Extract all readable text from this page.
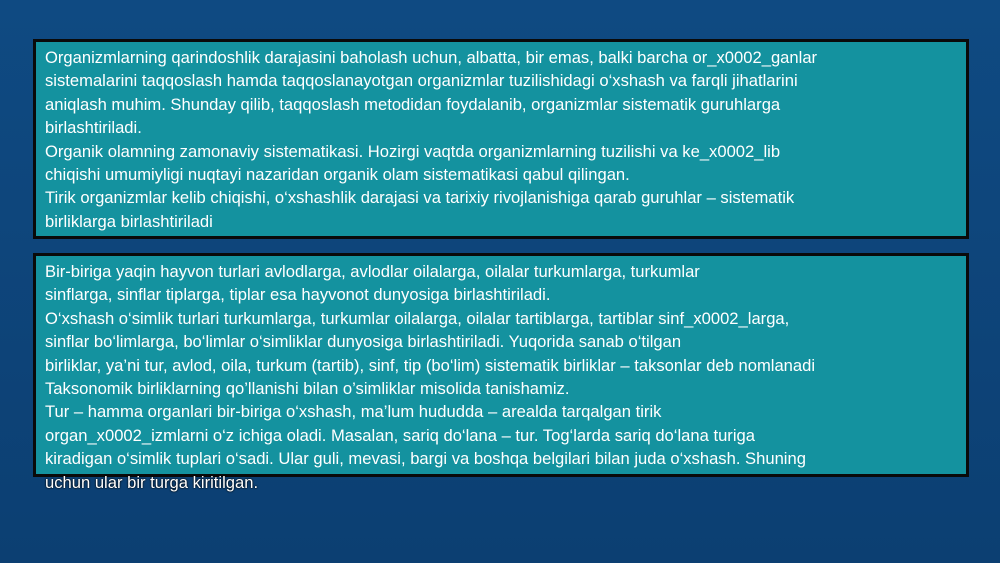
Organizmlarning qarindoshlik darajasini baholash uchun, albatta, bir emas, balki barcha or_x0002_ganlar
sistemalarini taqqoslash hamda taqqoslanayotgan organizmlar tuzilishidagi o‘xshash va farqli jihatlarini
aniqlash muhim. Shunday qilib, taqqoslash metodidan foydalanib, organizmlar sistematik guruhlarga
birlashtiriladi.
Organik olamning zamonaviy sistematikasi. Hozirgi vaqtda organizmlarning tuzilishi va ke_x0002_lib
chiqishi umumiyligi nuqtayi nazaridan organik olam sistematikasi qabul qilingan.
Tirik organizmlar kelib chiqishi, o‘xshashlik darajasi va tarixiy rivojlanishiga qarab guruhlar – sistematik
birliklarga birlashtiriladi
Bir-biriga yaqin hayvon turlari avlodlarga, avlodlar oilalarga, oilalar turkumlarga, turkumlar
sinflarga, sinflar tiplarga, tiplar esa hayvonot dunyosiga birlashtiriladi.
O‘xshash o‘simlik turlari turkumlarga, turkumlar oilalarga, oilalar tartiblarga, tartiblar sinf_x0002_larga,
sinflar bo‘limlarga, bo‘limlar o‘simliklar dunyosiga birlashtiriladi. Yuqorida sanab o‘tilgan
birliklar, ya’ni tur, avlod, oila, turkum (tartib), sinf, tip (bo‘lim) sistematik birliklar – taksonlar deb nomlanadi
Taksonomik birliklarning qo’llanishi bilan o’simliklar misolida tanishamiz.
Tur – hamma organlari bir-biriga o‘xshash, ma’lum hududda – arealda tarqalgan tirik
organ_x0002_izmlarni o‘z ichiga oladi. Masalan, sariq do‘lana – tur. Tog‘larda sariq do‘lana turiga
kiradigan o‘simlik tuplari o‘sadi. Ular guli, mevasi, bargi va boshqa belgilari bilan juda o‘xshash. Shuning
uchun ular bir turga kiritilgan.
